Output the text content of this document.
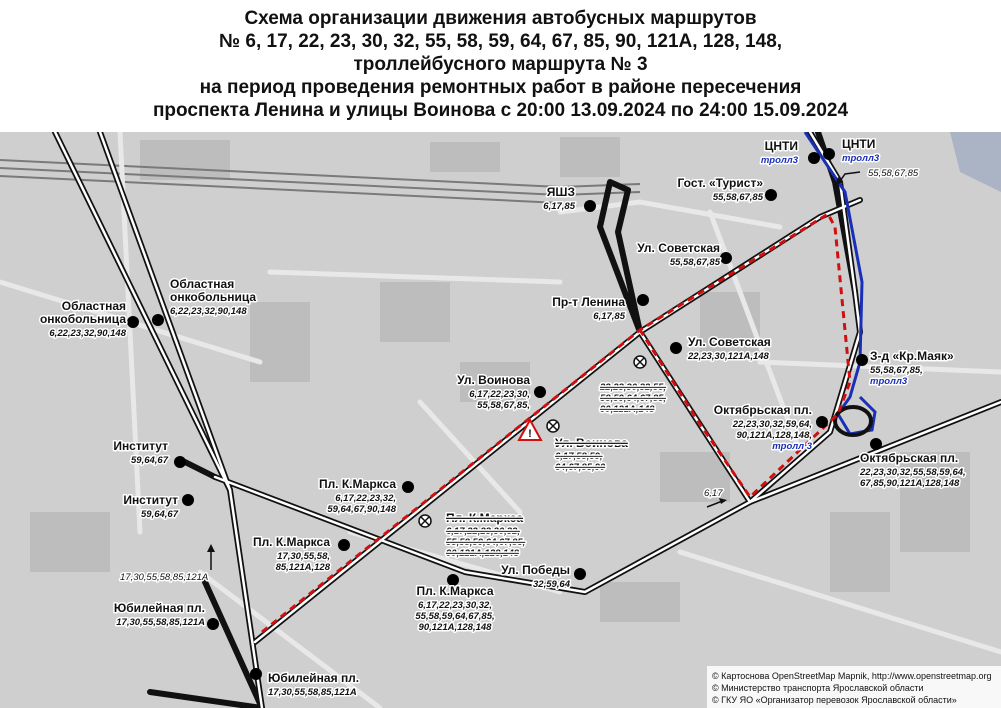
Схема организации движения автобусных маршрутов
№ 6, 17, 22, 23, 30, 32, 55, 58, 59, 64, 67, 85, 90, 121А, 128, 148,
троллейбусного маршрута № 3
на период проведения ремонтных работ в районе пересечения
проспекта Ленина и улицы Воинова с 20:00 13.09.2024 по 24:00 15.09.2024
!
© Картоснова OpenStreetMap Mapnik, http://www.openstreetmap.org
© Министерство транспорта Ярославской области
© ГКУ ЯО «Организатор перевозок Ярославской области»
ЦНТИ
тролл3
ЦНТИ
тролл3
Гост. «Турист»
55,58,67,85
ЯШЗ
6,17,85
Ул. Советская
55,58,67,85
Пр-т Ленина
6,17,85
Областная
онкобольница
6,22,23,32,90,148
Областная
онкобольница
6,22,23,32,90,148
Ул. Советская
22,23,30,121А,148	З-д «Кр.Маяк»
55,58,67,85,
тролл3
Ул. Воинова
6,17,22,23,30,
55,58,67,85,	Октябрьская пл.
22,23,30,32,59,64,
90,121А,128,148,
тролл 3
Октябрьская пл.
22,23,30,32,55,58,59,64,
67,85,90,121А,128,148
Институт
59,64,67
Институт
59,64,67
Пл. К.Маркса
6,17,22,23,32,
59,64,67,90,148
Пл. К.Маркса
17,30,55,58,
85,121А,128	Ул. Победы
32,59,64
Пл. К.Маркса
6,17,22,23,30,32,
55,58,59,64,67,85,
90,121А,128,148
Юбилейная пл.
17,30,55,58,85,121А
Юбилейная пл.
17,30,55,58,85,121А
Ул. Воинова
6,17,58,59,
64,67,85,90
Пл. К.Маркса
6,17,22,23,30,32,
55,58,59,64,67,85,
90,121А,128,148
22,23,30,32,55,
58,59,64,67,85,
90,121А,148
55,58,67,85
6,17
17,30,55,58,85,121А
